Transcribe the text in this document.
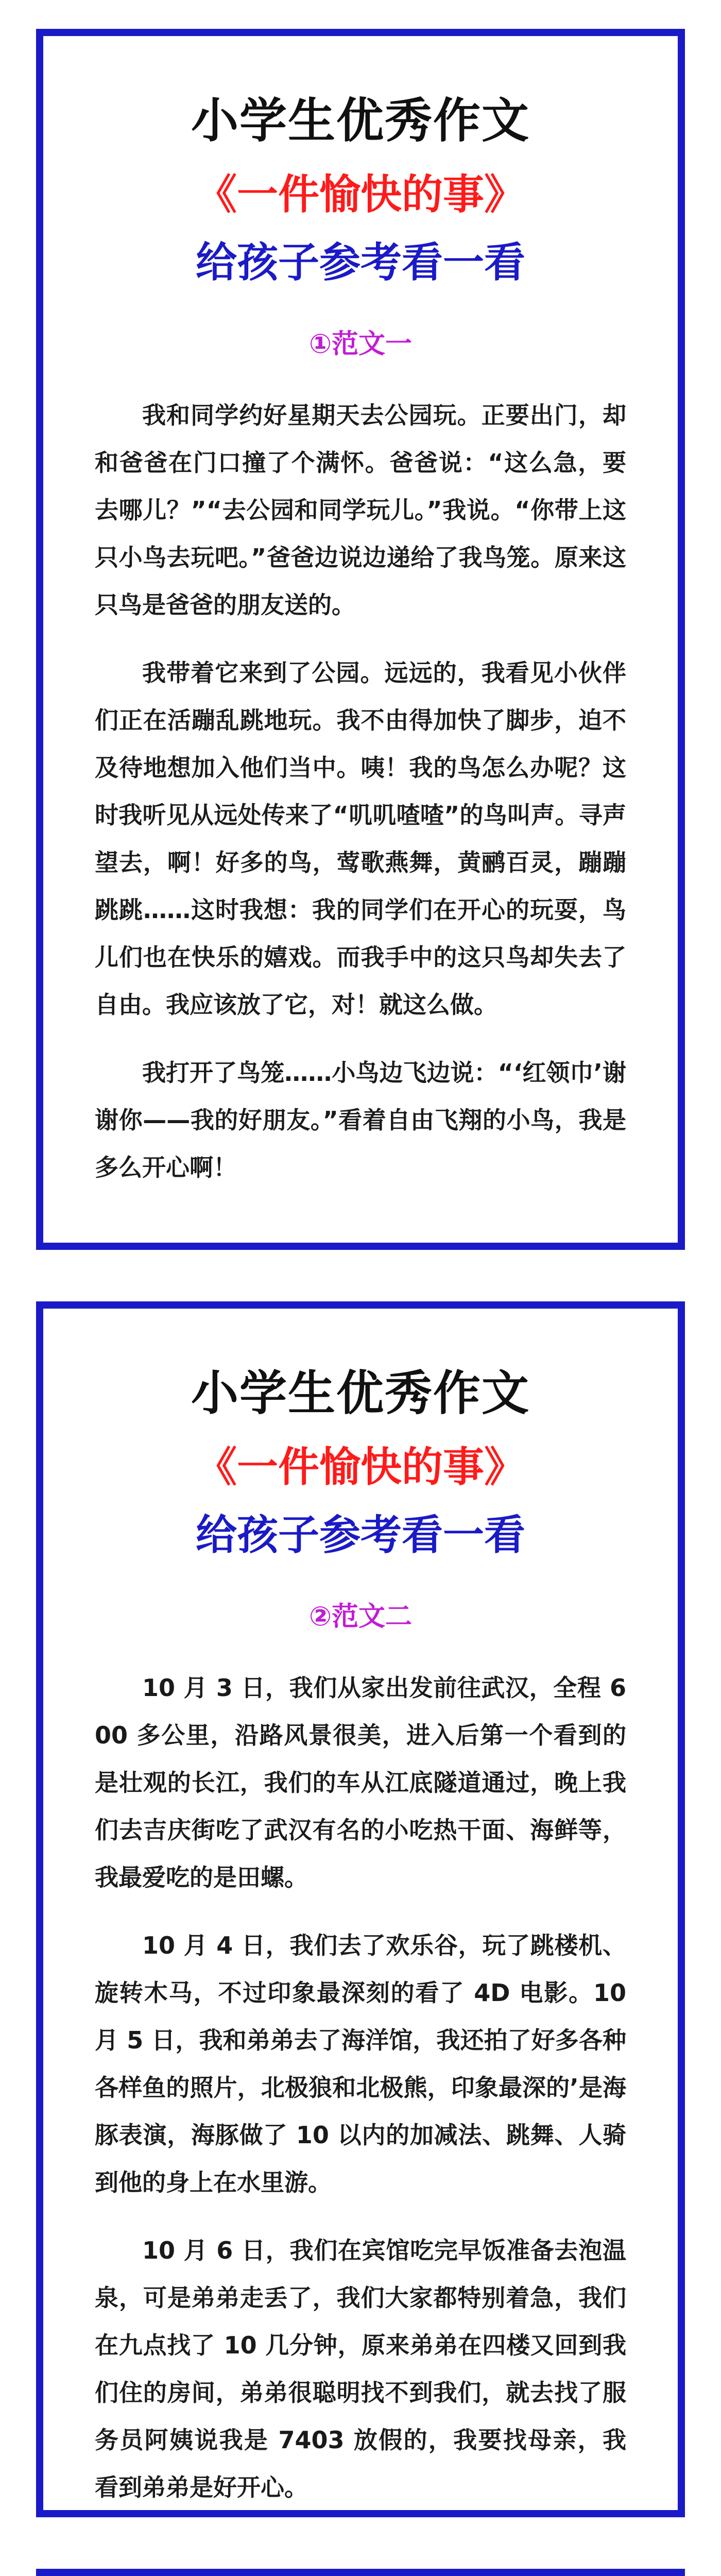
小学生优秀作文
《一件愉快的事》
给孩子参考看一看
①范文一

我和同学约好星期天去公园玩。正要出门，却和爸爸在门口撞了个满怀。爸爸说：“这么急，要去哪儿？”“去公园和同学玩儿。”我说。“你带上这只小鸟去玩吧。”爸爸边说边递给了我鸟笼。原来这只鸟是爸爸的朋友送的。

我带着它来到了公园。远远的，我看见小伙伴们正在活蹦乱跳地玩。我不由得加快了脚步，迫不及待地想加入他们当中。咦！我的鸟怎么办呢？这时我听见从远处传来了“叽叽喳喳”的鸟叫声。寻声望去，啊！好多的鸟，莺歌燕舞，黄鹂百灵，蹦蹦跳跳……这时我想：我的同学们在开心的玩耍，鸟儿们也在快乐的嬉戏。而我手中的这只鸟却失去了自由。我应该放了它，对！就这么做。

我打开了鸟笼……小鸟边飞边说：“‘红领巾’谢谢你——我的好朋友。”看着自由飞翔的小鸟，我是多么开心啊！

小学生优秀作文
《一件愉快的事》
给孩子参考看一看
②范文二

10 月 3 日，我们从家出发前往武汉，全程 600 多公里，沿路风景很美，进入后第一个看到的是壮观的长江，我们的车从江底隧道通过，晚上我们去吉庆街吃了武汉有名的小吃热干面、海鲜等，我最爱吃的是田螺。

10 月 4 日，我们去了欢乐谷，玩了跳楼机、旋转木马，不过印象最深刻的看了 4D 电影。10 月 5 日，我和弟弟去了海洋馆，我还拍了好多各种各样鱼的照片，北极狼和北极熊，印象最深的’是海豚表演，海豚做了 10 以内的加减法、跳舞、人骑到他的身上在水里游。

10 月 6 日，我们在宾馆吃完早饭准备去泡温泉，可是弟弟走丢了，我们大家都特别着急，我们在九点找了 10 几分钟，原来弟弟在四楼又回到我们住的房间，弟弟很聪明找不到我们，就去找了服务员阿姨说我是 7403 放假的，我要找母亲，我看到弟弟是好开心。
